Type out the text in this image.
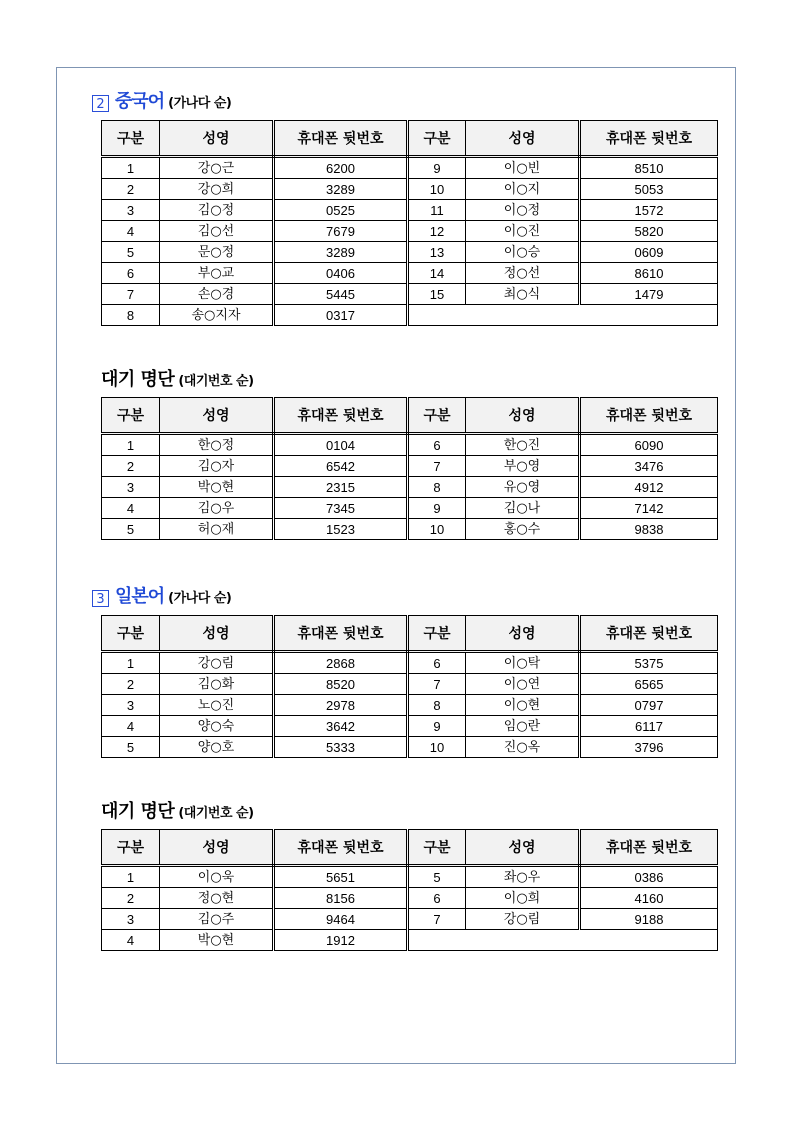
2 중국어 (가나다 순)
구분	성영	휴대폰 뒷번호	구분	성영	휴대폰 뒷번호
1	강○근	6200	9	이○빈	8510
2	강○희	3289	10	이○지	5053
3	김○정	0525	11	이○정	1572
4	김○선	7679	12	이○진	5820
5	문○정	3289	13	이○승	0609
6	부○교	0406	14	정○선	8610
7	손○경	5445	15	최○식	1479
8	송○지자	0317			
대기 명단 (대기번호 순)
구분	성영	휴대폰 뒷번호	구분	성영	휴대폰 뒷번호
1	한○정	0104	6	한○진	6090
2	김○자	6542	7	부○영	3476
3	박○현	2315	8	유○영	4912
4	김○우	7345	9	김○나	7142
5	허○재	1523	10	홍○수	9838
3 일본어 (가나다 순)
구분	성영	휴대폰 뒷번호	구분	성영	휴대폰 뒷번호
1	강○림	2868	6	이○탁	5375
2	김○화	8520	7	이○연	6565
3	노○진	2978	8	이○현	0797
4	양○숙	3642	9	임○란	6117
5	양○호	5333	10	진○옥	3796
대기 명단 (대기번호 순)
구분	성영	휴대폰 뒷번호	구분	성영	휴대폰 뒷번호
1	이○욱	5651	5	좌○우	0386
2	정○현	8156	6	이○희	4160
3	김○주	9464	7	강○림	9188
4	박○현	1912			
